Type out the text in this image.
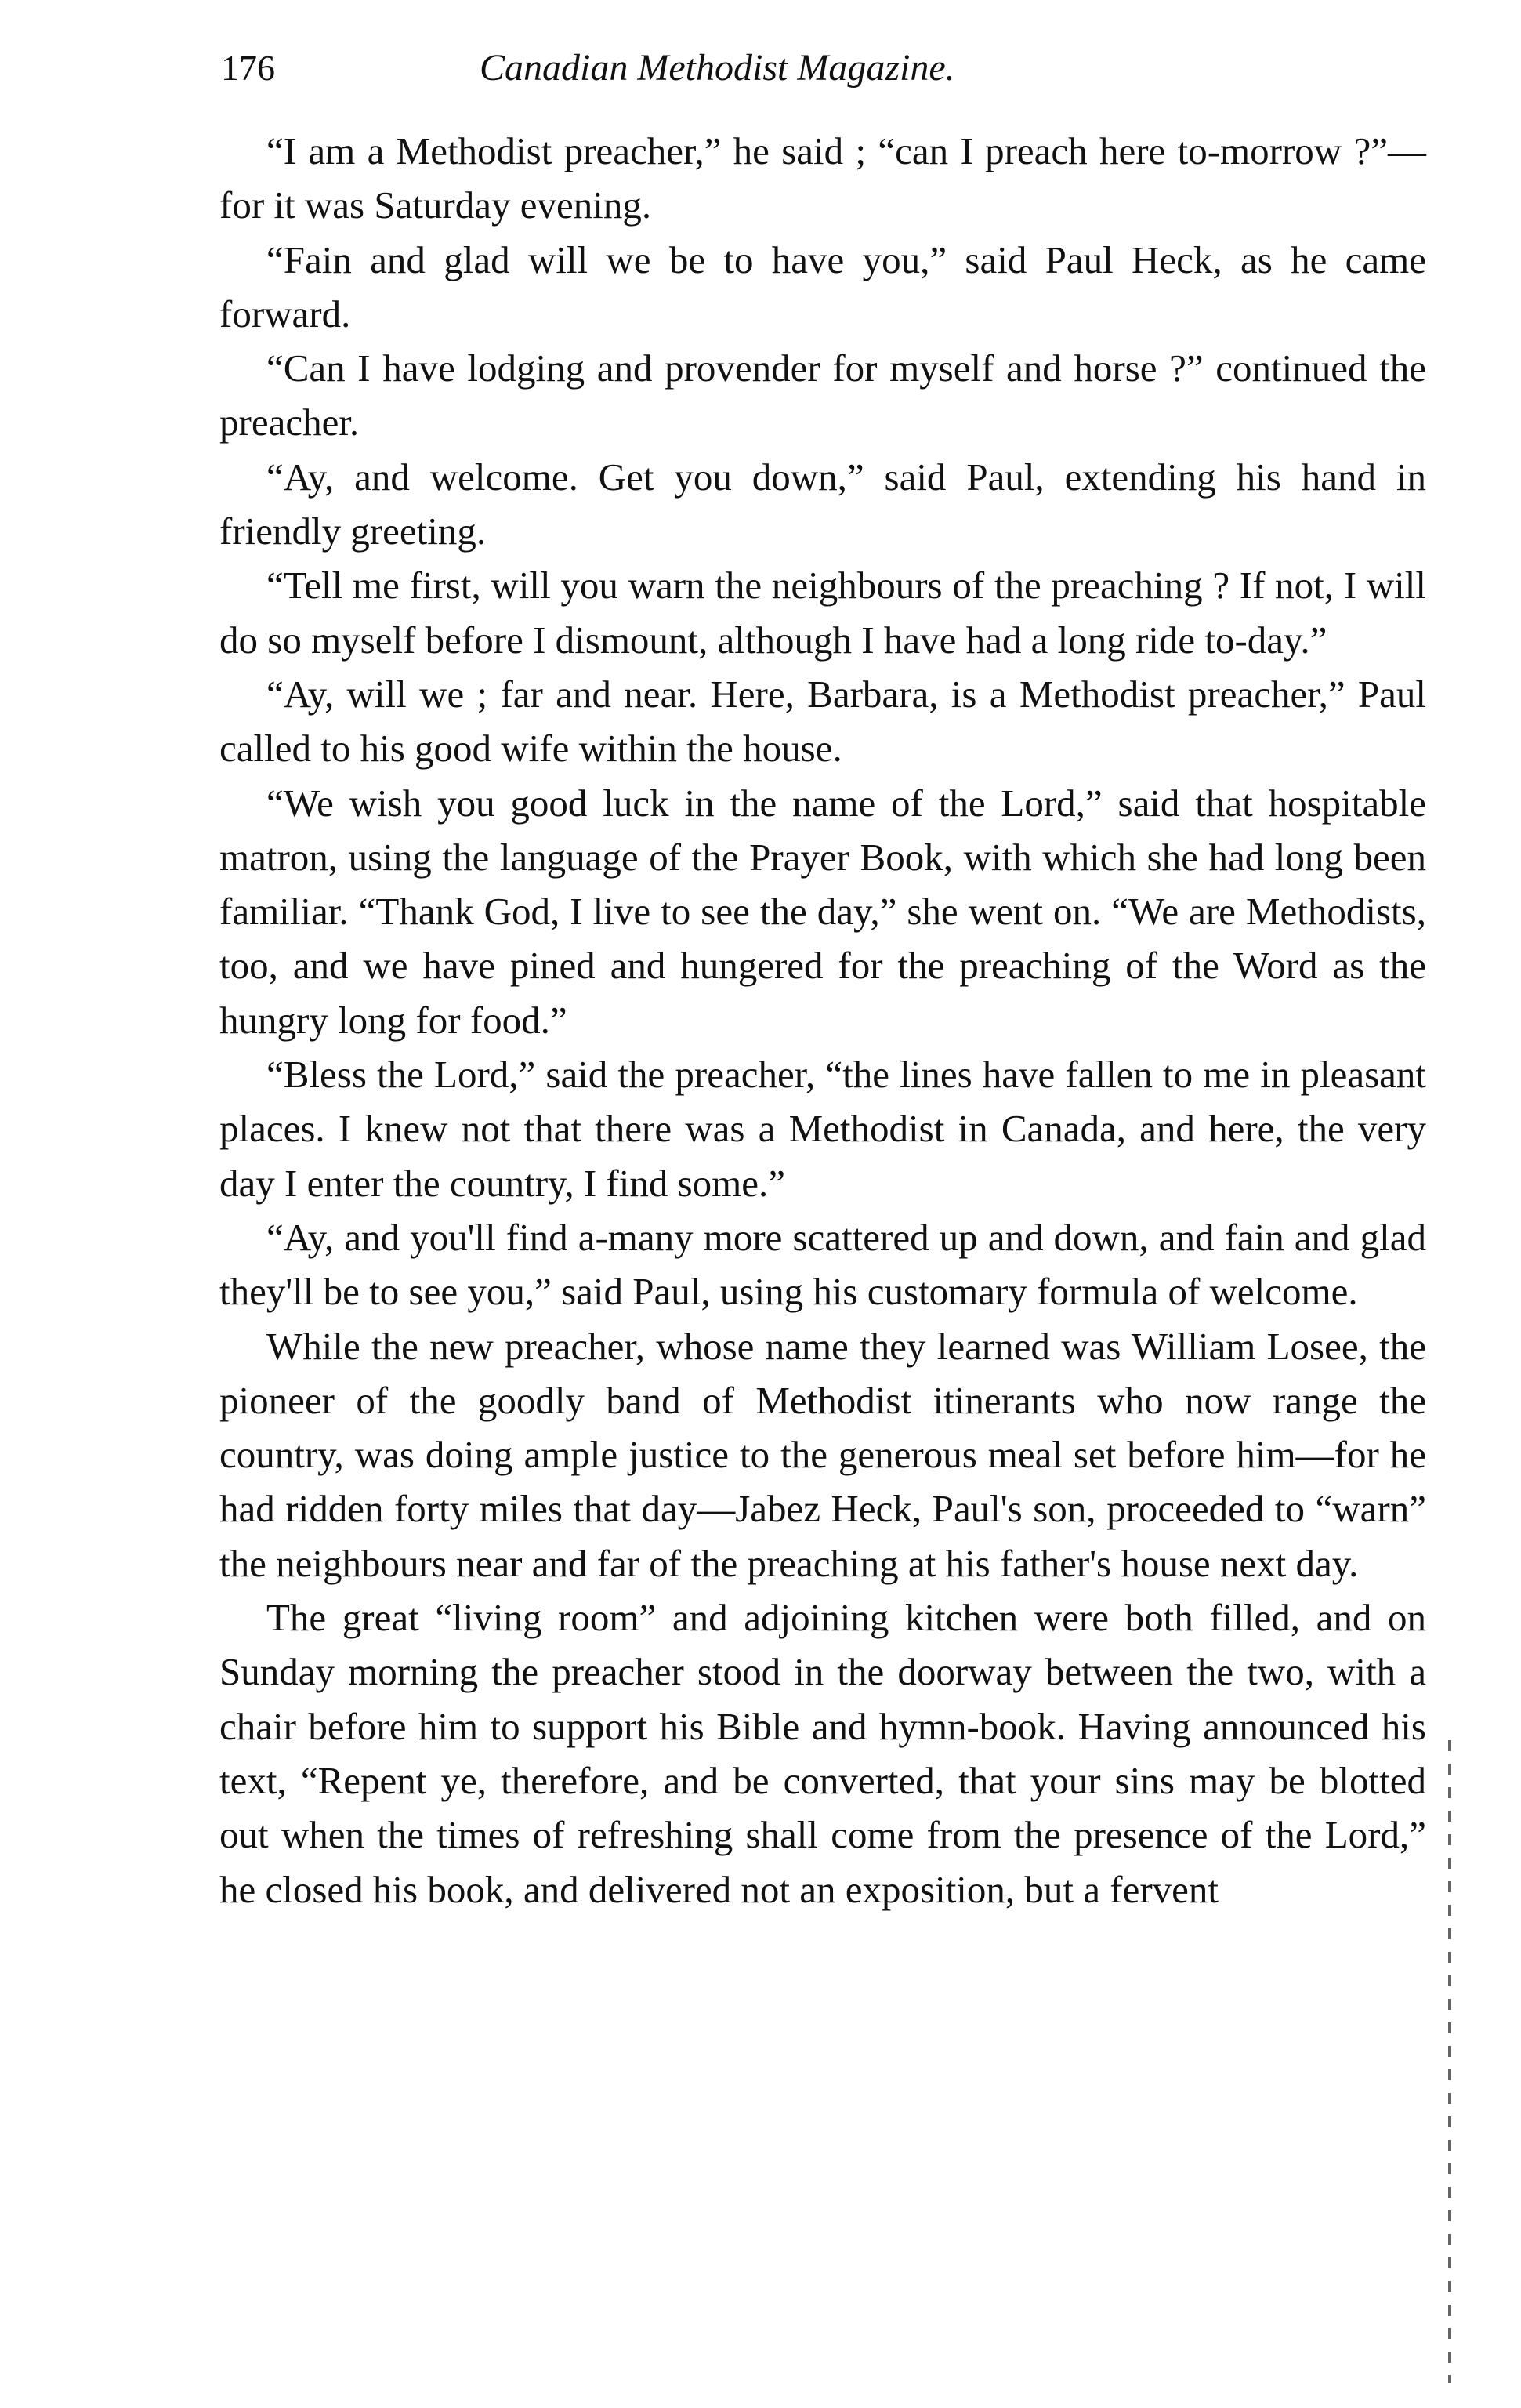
176	Canadian Methodist Magazine.

“I am a Methodist preacher,” he said ; “can I preach here to-morrow ?”—for it was Saturday evening.

“Fain and glad will we be to have you,” said Paul Heck, as he came forward.

“Can I have lodging and provender for myself and horse ?” continued the preacher.

“Ay, and welcome. Get you down,” said Paul, extending his hand in friendly greeting.

“Tell me first, will you warn the neighbours of the preaching ? If not, I will do so myself before I dismount, although I have had a long ride to-day.”

“Ay, will we ; far and near. Here, Barbara, is a Methodist preacher,” Paul called to his good wife within the house.

“We wish you good luck in the name of the Lord,” said that hospitable matron, using the language of the Prayer Book, with which she had long been familiar. “Thank God, I live to see the day,” she went on. “We are Methodists, too, and we have pined and hungered for the preaching of the Word as the hungry long for food.”

“Bless the Lord,” said the preacher, “the lines have fallen to me in pleasant places. I knew not that there was a Methodist in Canada, and here, the very day I enter the country, I find some.”

“Ay, and you'll find a-many more scattered up and down, and fain and glad they'll be to see you,” said Paul, using his customary formula of welcome.

While the new preacher, whose name they learned was William Losee, the pioneer of the goodly band of Methodist itinerants who now range the country, was doing ample justice to the generous meal set before him—for he had ridden forty miles that day—Jabez Heck, Paul's son, proceeded to “warn” the neighbours near and far of the preaching at his father's house next day.

The great “living room” and adjoining kitchen were both filled, and on Sunday morning the preacher stood in the doorway between the two, with a chair before him to support his Bible and hymn-book. Having announced his text, “Repent ye, therefore, and be converted, that your sins may be blotted out when the times of refreshing shall come from the presence of the Lord,” he closed his book, and delivered not an exposition, but a fervent
